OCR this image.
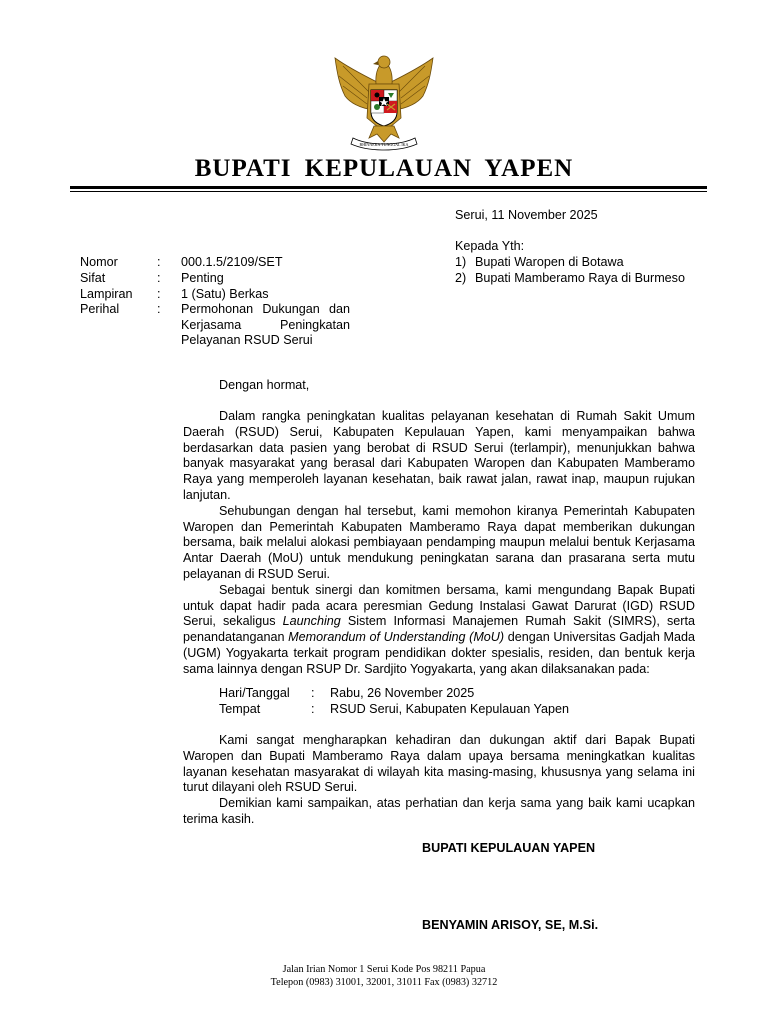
BHINNEKA TUNGGAL IKA
BUPATI KEPULAUAN YAPEN
Serui, 11 November 2025
Kepada Yth:
1) Bupati Waropen di Botawa
2) Bupati Mamberamo Raya di Burmeso
Nomor	: 000.1.5/2109/SET
Sifat	: Penting
Lampiran : 1 (Satu) Berkas
Perihal	: Permohonan Dukungan dan
Kerjasama Peningkatan
Pelayanan RSUD Serui
Dengan hormat,

Dalam rangka peningkatan kualitas pelayanan kesehatan di Rumah Sakit Umum Daerah (RSUD) Serui, Kabupaten Kepulauan Yapen, kami menyampaikan bahwa berdasarkan data pasien yang berobat di RSUD Serui (terlampir), menunjukkan bahwa banyak masyarakat yang berasal dari Kabupaten Waropen dan Kabupaten Mamberamo Raya yang memperoleh layanan kesehatan, baik rawat jalan, rawat inap, maupun rujukan lanjutan.

Sehubungan dengan hal tersebut, kami memohon kiranya Pemerintah Kabupaten Waropen dan Pemerintah Kabupaten Mamberamo Raya dapat memberikan dukungan bersama, baik melalui alokasi pembiayaan pendamping maupun melalui bentuk Kerjasama Antar Daerah (MoU) untuk mendukung peningkatan sarana dan prasarana serta mutu pelayanan di RSUD Serui.

Sebagai bentuk sinergi dan komitmen bersama, kami mengundang Bapak Bupati untuk dapat hadir pada acara peresmian Gedung Instalasi Gawat Darurat (IGD) RSUD Serui, sekaligus Launching Sistem Informasi Manajemen Rumah Sakit (SIMRS), serta penandatanganan Memorandum of Understanding (MoU) dengan Universitas Gadjah Mada (UGM) Yogyakarta terkait program pendidikan dokter spesialis, residen, dan bentuk kerja sama lainnya dengan RSUP Dr. Sardjito Yogyakarta, yang akan dilaksanakan pada:

Hari/Tanggal : Rabu, 26 November 2025
Tempat	: RSUD Serui, Kabupaten Kepulauan Yapen

Kami sangat mengharapkan kehadiran dan dukungan aktif dari Bapak Bupati Waropen dan Bupati Mamberamo Raya dalam upaya bersama meningkatkan kualitas layanan kesehatan masyarakat di wilayah kita masing-masing, khususnya yang selama ini turut dilayani oleh RSUD Serui.

Demikian kami sampaikan, atas perhatian dan kerja sama yang baik kami ucapkan terima kasih.

BUPATI KEPULAUAN YAPEN
BENYAMIN ARISOY, SE, M.Si.
Jalan Irian Nomor 1 Serui Kode Pos 98211 Papua
Telepon (0983) 31001, 32001, 31011 Fax (0983) 32712
